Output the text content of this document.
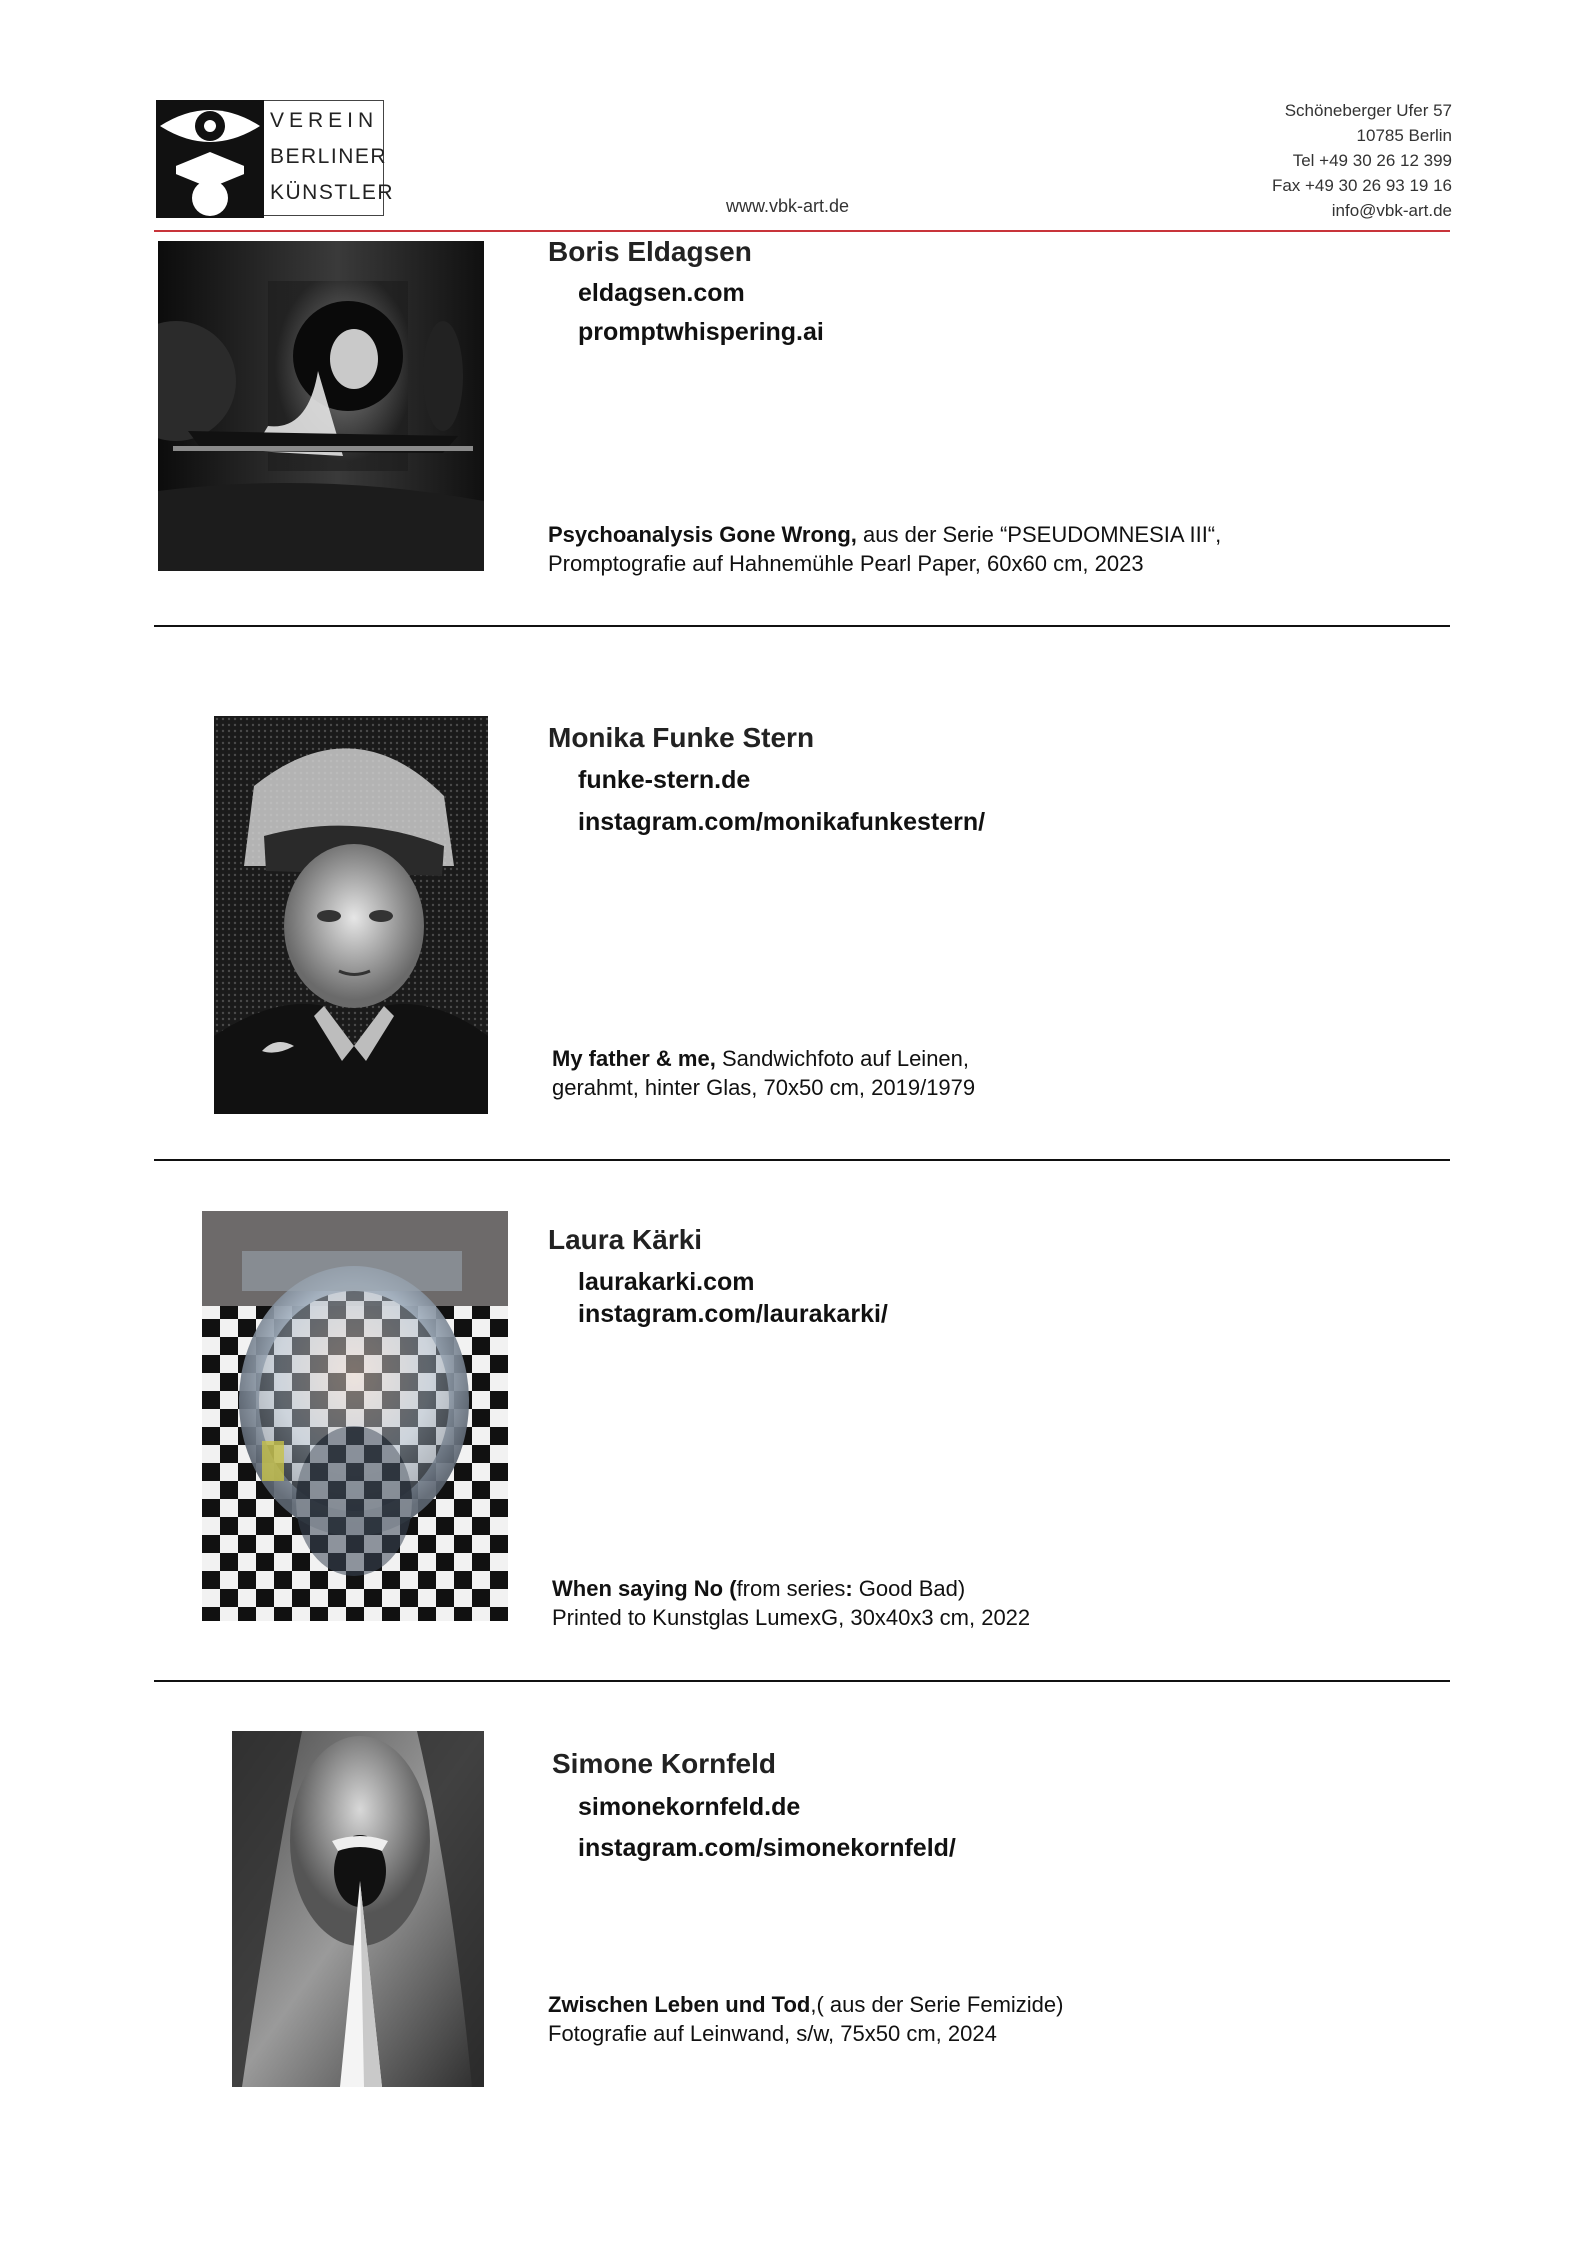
VEREIN
BERLINER
KÜNSTLER
www.vbk-art.de
Schöneberger Ufer 57
10785 Berlin
Tel +49 30 26 12 399
Fax +49 30 26 93 19 16
info@vbk-art.de
Boris Eldagsen
eldagsen.com
promptwhispering.ai
Psychoanalysis Gone Wrong, aus der Serie “PSEUDOMNESIA III“,
Promptografie auf Hahnemühle Pearl Paper, 60x60 cm, 2023
Monika Funke Stern
funke-stern.de
instagram.com/monikafunkestern/
My father & me, Sandwichfoto auf Leinen,
gerahmt, hinter Glas, 70x50 cm, 2019/1979
Laura Kärki
laurakarki.com
instagram.com/laurakarki/
When saying No (from series: Good Bad)
Printed to Kunstglas LumexG, 30x40x3 cm, 2022
Simone Kornfeld
simonekornfeld.de
instagram.com/simonekornfeld/
Zwischen Leben und Tod,( aus der Serie Femizide)
Fotografie auf Leinwand, s/w, 75x50 cm, 2024
